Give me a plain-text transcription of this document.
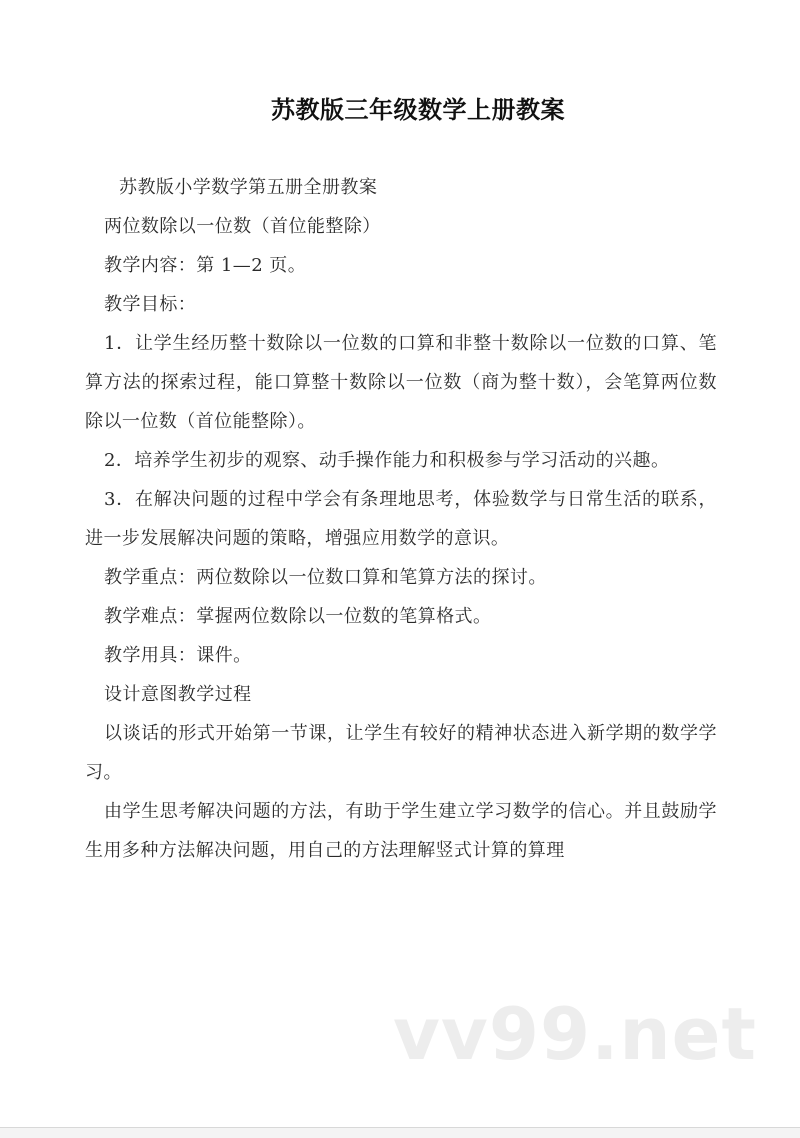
苏教版三年级数学上册教案

苏教版小学数学第五册全册教案

两位数除以一位数（首位能整除）

教学内容：第 1—2 页。

教学目标：

1．让学生经历整十数除以一位数的口算和非整十数除以一位数的口算、笔算方法的探索过程，能口算整十数除以一位数（商为整十数），会笔算两位数除以一位数（首位能整除）。

2．培养学生初步的观察、动手操作能力和积极参与学习活动的兴趣。

3．在解决问题的过程中学会有条理地思考，体验数学与日常生活的联系，进一步发展解决问题的策略，增强应用数学的意识。

教学重点：两位数除以一位数口算和笔算方法的探讨。

教学难点：掌握两位数除以一位数的笔算格式。

教学用具：课件。

设计意图教学过程

以谈话的形式开始第一节课，让学生有较好的精神状态进入新学期的数学学习。

由学生思考解决问题的方法，有助于学生建立学习数学的信心。并且鼓励学生用多种方法解决问题，用自己的方法理解竖式计算的算理

vv99.net
